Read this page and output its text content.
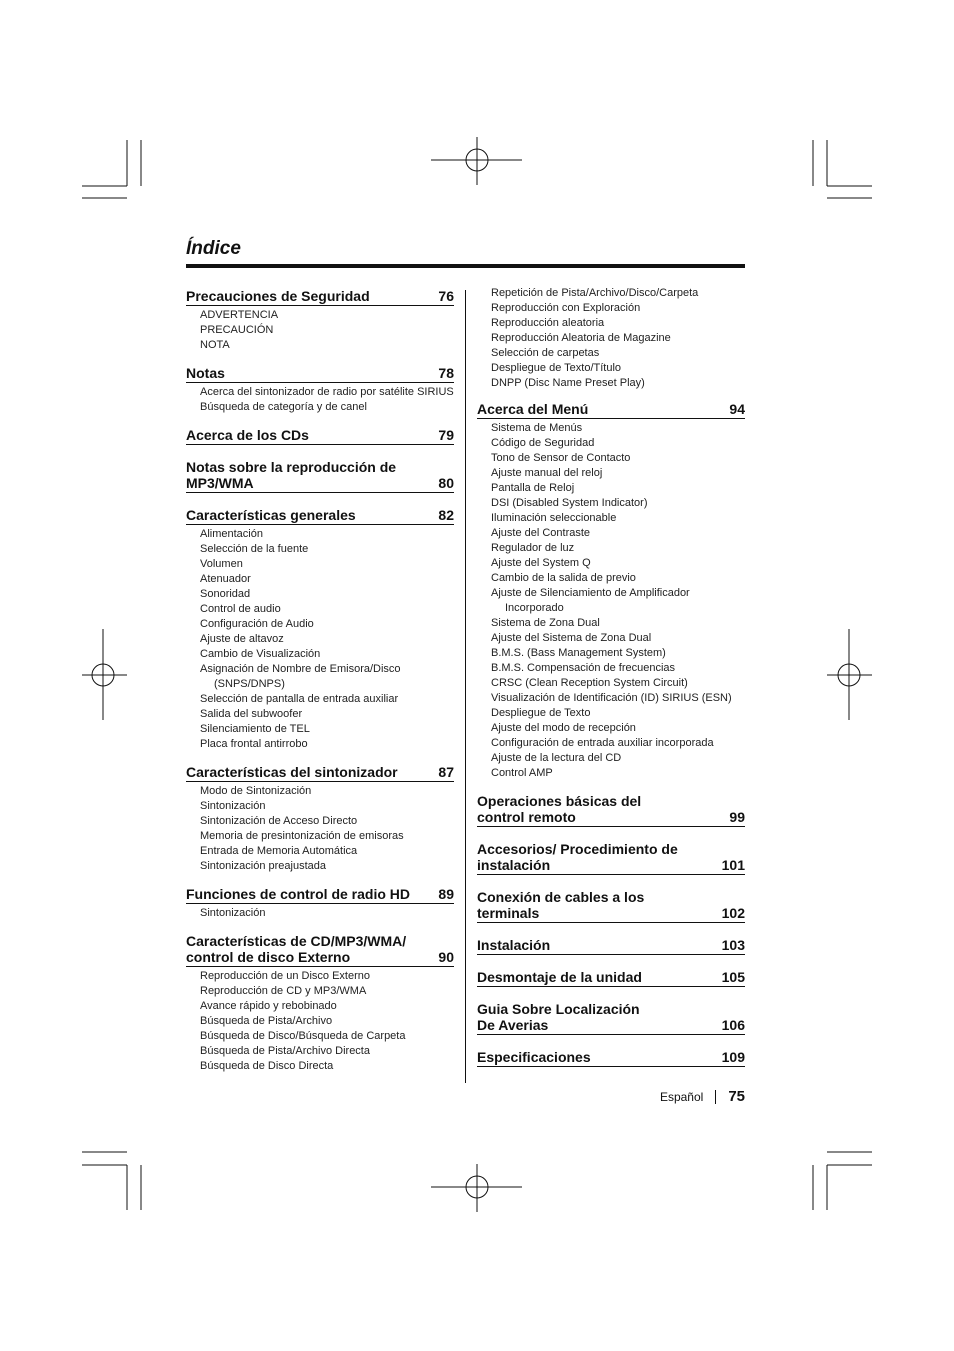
Índice
Precauciones de Seguridad	76
ADVERTENCIA
PRECAUCIÓN
NOTA
Notas	78
Acerca del sintonizador de radio por satélite SIRIUS
Búsqueda de categoría y de canel
Acerca de los CDs	79
Notas sobre la reproducción de
MP3/WMA	80
Características generales	82
Alimentación
Selección de la fuente
Volumen
Atenuador
Sonoridad
Control de audio
Configuración de Audio
Ajuste de altavoz
Cambio de Visualización
Asignación de Nombre de Emisora/Disco (SNPS/DNPS)
Selección de pantalla de entrada auxiliar
Salida del subwoofer
Silenciamiento de TEL
Placa frontal antirrobo
Características del sintonizador	87
Modo de Sintonización
Sintonización
Sintonización de Acceso Directo
Memoria de presintonización de emisoras
Entrada de Memoria Automática
Sintonización preajustada
Funciones de control de radio HD	89
Sintonización
Características de CD/MP3/WMA/
control de disco Externo	90
Reproducción de un Disco Externo
Reproducción de CD y MP3/WMA
Avance rápido y rebobinado
Búsqueda de Pista/Archivo
Búsqueda de Disco/Búsqueda de Carpeta
Búsqueda de Pista/Archivo Directa
Búsqueda de Disco Directa
Repetición de Pista/Archivo/Disco/Carpeta
Reproducción con Exploración
Reproducción aleatoria
Reproducción Aleatoria de Magazine
Selección de carpetas
Despliegue de Texto/Título
DNPP (Disc Name Preset Play)
Acerca del Menú	94
Sistema de Menús
Código de Seguridad
Tono de Sensor de Contacto
Ajuste manual del reloj
Pantalla de Reloj
DSI (Disabled System Indicator)
Iluminación seleccionable
Ajuste del Contraste
Regulador de luz
Ajuste del System Q
Cambio de la salida de previo
Ajuste de Silenciamiento de Amplificador Incorporado
Sistema de Zona Dual
Ajuste del Sistema de Zona Dual
B.M.S. (Bass Management System)
B.M.S. Compensación de frecuencias
CRSC (Clean Reception System Circuit)
Visualización de Identificación (ID) SIRIUS (ESN)
Despliegue de Texto
Ajuste del modo de recepción
Configuración de entrada auxiliar incorporada
Ajuste de la lectura del CD
Control AMP
Operaciones básicas del
control remoto	99
Accesorios/ Procedimiento de
instalación	101
Conexión de cables a los
terminals	102
Instalación	103
Desmontaje de la unidad	105
Guia Sobre Localización
De Averias	106
Especificaciones	109
Español 75
